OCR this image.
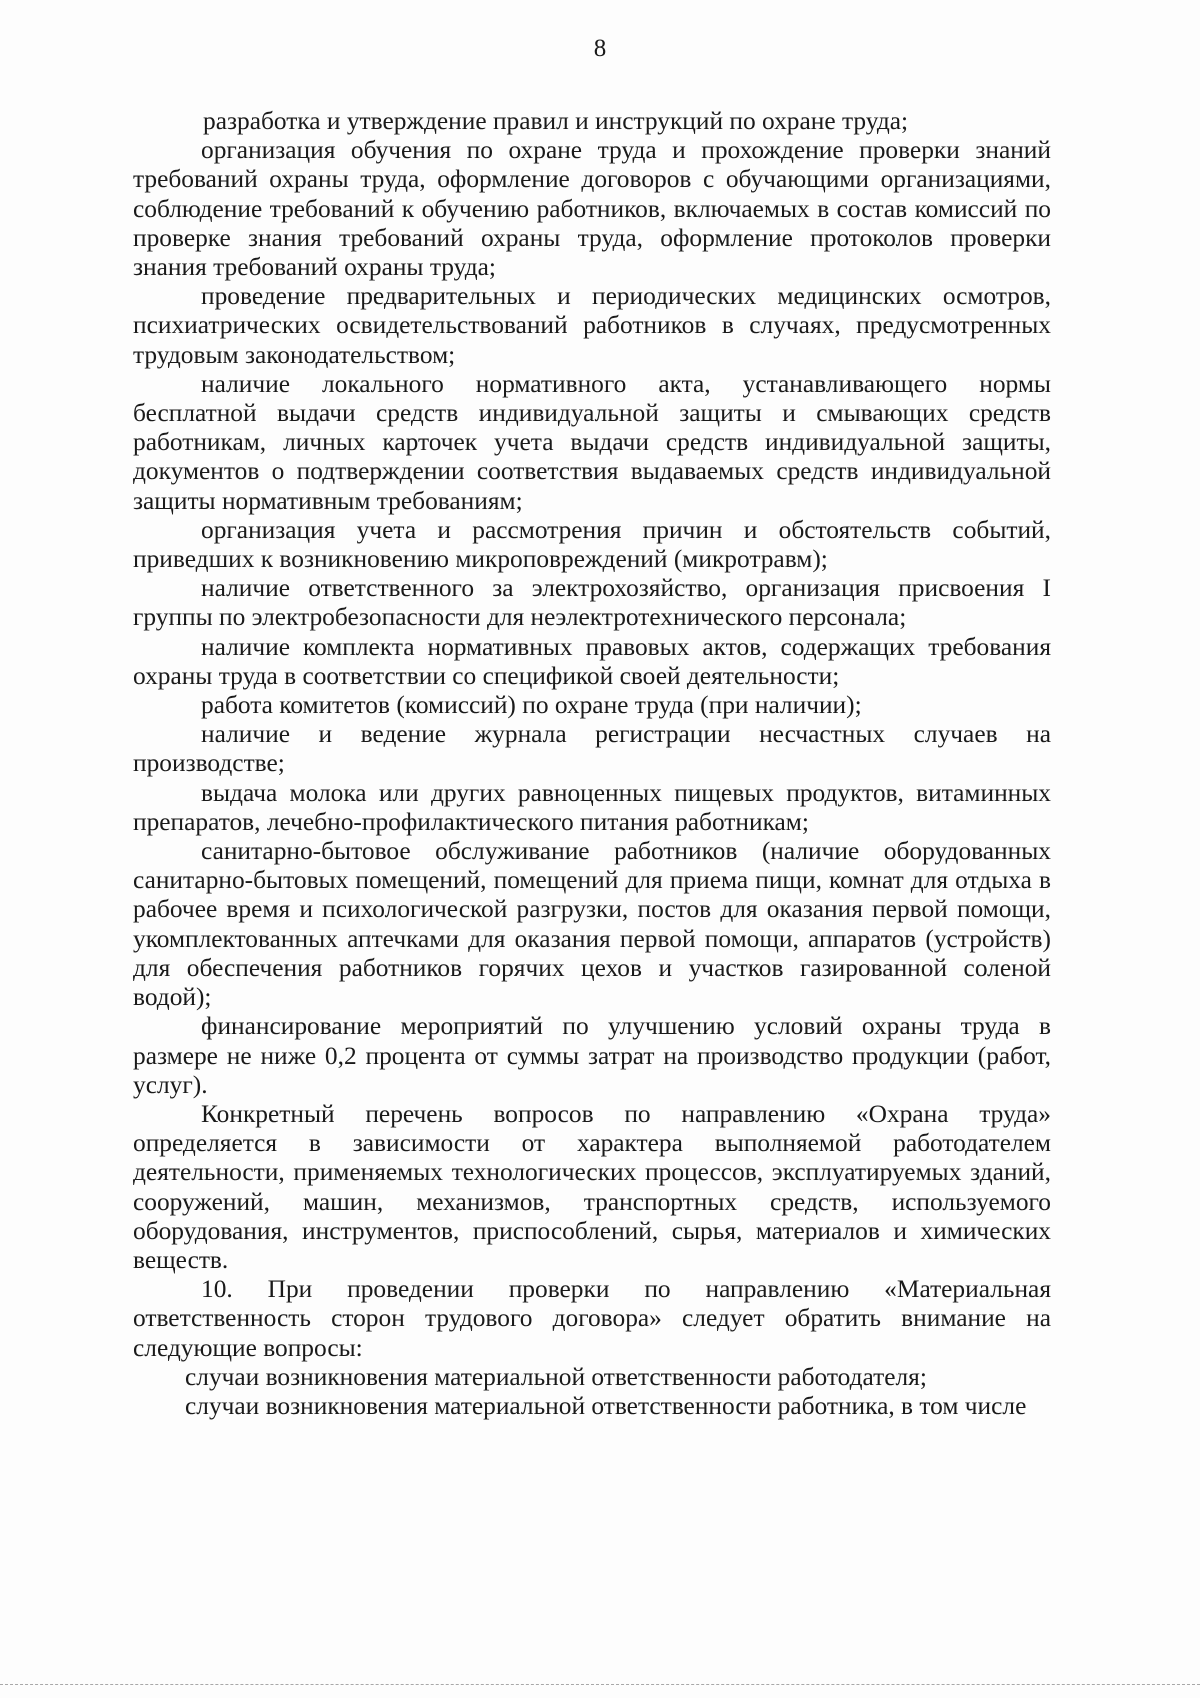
8

разработка и утверждение правил и инструкций по охране труда;

организация обучения по охране труда и прохождение проверки знаний требований охраны труда, оформление договоров с обучающими организациями, соблюдение требований к обучению работников, включаемых в состав комиссий по проверке знания требований охраны труда, оформление протоколов проверки знания требований охраны труда;

проведение предварительных и периодических медицинских осмотров, психиатрических освидетельствований работников в случаях, предусмотренных трудовым законодательством;

наличие локального нормативного акта, устанавливающего нормы бесплатной выдачи средств индивидуальной защиты и смывающих средств работникам, личных карточек учета выдачи средств индивидуальной защиты, документов о подтверждении соответствия выдаваемых средств индивидуальной защиты нормативным требованиям;

организация учета и рассмотрения причин и обстоятельств событий, приведших к возникновению микроповреждений (микротравм);

наличие ответственного за электрохозяйство, организация присвоения I группы по электробезопасности для неэлектротехнического персонала;

наличие комплекта нормативных правовых актов, содержащих требования охраны труда в соответствии со спецификой своей деятельности;

работа комитетов (комиссий) по охране труда (при наличии);

наличие и ведение журнала регистрации несчастных случаев на производстве;

выдача молока или других равноценных пищевых продуктов, витаминных препаратов, лечебно-профилактического питания работникам;

санитарно-бытовое обслуживание работников (наличие оборудованных санитарно-бытовых помещений, помещений для приема пищи, комнат для отдыха в рабочее время и психологической разгрузки, постов для оказания первой помощи, укомплектованных аптечками для оказания первой помощи, аппаратов (устройств) для обеспечения работников горячих цехов и участков газированной соленой водой);

финансирование мероприятий по улучшению условий охраны труда в размере не ниже 0,2 процента от суммы затрат на производство продукции (работ, услуг).

Конкретный перечень вопросов по направлению «Охрана труда» определяется в зависимости от характера выполняемой работодателем деятельности, применяемых технологических процессов, эксплуатируемых зданий, сооружений, машин, механизмов, транспортных средств, используемого оборудования, инструментов, приспособлений, сырья, материалов и химических веществ.

10. При проведении проверки по направлению «Материальная ответственность сторон трудового договора» следует обратить внимание на следующие вопросы:

случаи возникновения материальной ответственности работодателя;

случаи возникновения материальной ответственности работника, в том числе
